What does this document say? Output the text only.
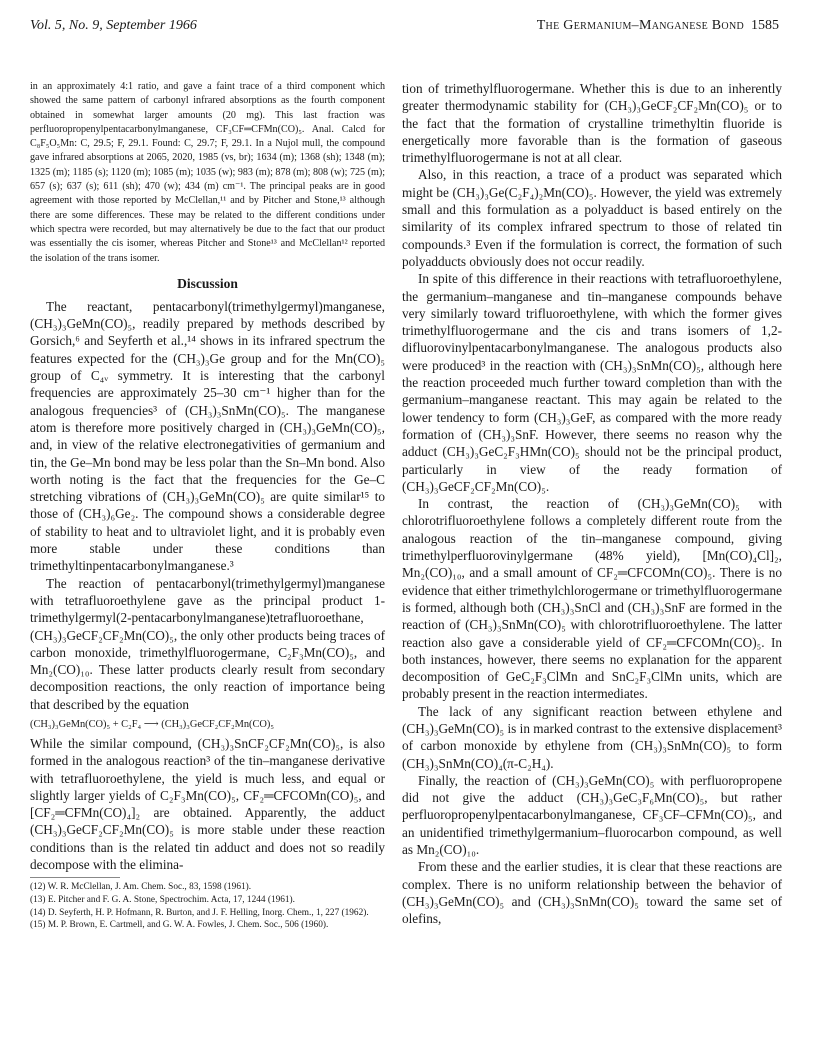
Vol. 5, No. 9, September 1966	The Germanium–Manganese Bond 1585

in an approximately 4:1 ratio, and gave a faint trace of a third component which showed the same pattern of carbonyl infrared absorptions as the fourth component obtained in somewhat larger amounts (20 mg). This last fraction was perfluoropropenylpentacarbonylmanganese, CF₃CF═CFMn(CO)₅. Anal. Calcd for C₈F₅O₅Mn: C, 29.5; F, 29.1. Found: C, 29.7; F, 29.1. In a Nujol mull, the compound gave infrared absorptions at 2065, 2020, 1985 (vs, br); 1634 (m); 1368 (sh); 1348 (m); 1325 (m); 1185 (s); 1120 (m); 1085 (m); 1035 (w); 983 (m); 878 (m); 808 (w); 725 (m); 657 (s); 637 (s); 611 (sh); 470 (w); 434 (m) cm⁻¹. The principal peaks are in good agreement with those reported by McClellan,¹¹ and by Pitcher and Stone,¹³ although there are some differences. These may be related to the different conditions under which spectra were recorded, but may alternatively be due to the fact that our product was essentially the cis isomer, whereas Pitcher and Stone¹³ and McClellan¹² reported the isolation of the trans isomer.

Discussion

The reactant, pentacarbonyl(trimethylgermyl)manganese, (CH₃)₃GeMn(CO)₅, readily prepared by methods described by Gorsich,⁶ and Seyferth et al.,¹⁴ shows in its infrared spectrum the features expected for the (CH₃)₃Ge group and for the Mn(CO)₅ group of C₄ᵥ symmetry. It is interesting that the carbonyl frequencies are approximately 25–30 cm⁻¹ higher than for the analogous frequencies³ of (CH₃)₃SnMn(CO)₅. The manganese atom is therefore more positively charged in (CH₃)₃GeMn(CO)₅, and, in view of the relative electronegativities of germanium and tin, the Ge–Mn bond may be less polar than the Sn–Mn bond. Also worth noting is the fact that the frequencies for the Ge–C stretching vibrations of (CH₃)₃GeMn(CO)₅ are quite similar¹⁵ to those of (CH₃)₆Ge₂. The compound shows a considerable degree of stability to heat and to ultraviolet light, and it is probably even more stable under these conditions than trimethyltinpentacarbonylmanganese.³

The reaction of pentacarbonyl(trimethylgermyl)manganese with tetrafluoroethylene gave as the principal product 1-trimethylgermyl(2-pentacarbonylmanganese)tetrafluoroethane, (CH₃)₃GeCF₂CF₂Mn(CO)₅, the only other products being traces of carbon monoxide, trimethylfluorogermane, C₂F₃Mn(CO)₅, and Mn₂(CO)₁₀. These latter products clearly result from secondary decomposition reactions, the only reaction of importance being that described by the equation

(CH₃)₃GeMn(CO)₅ + C₂F₄ ⟶ (CH₃)₃GeCF₂CF₂Mn(CO)₅

While the similar compound, (CH₃)₃SnCF₂CF₂Mn(CO)₅, is also formed in the analogous reaction³ of the tin–manganese derivative with tetrafluoroethylene, the yield is much less, and equal or slightly larger yields of C₂F₃Mn(CO)₅, CF₂═CFCOMn(CO)₅, and [CF₂═CFMn(CO)₄]₂ are obtained. Apparently, the adduct (CH₃)₃GeCF₂CF₂Mn(CO)₅ is more stable under these reaction conditions than is the related tin adduct and does not so readily decompose with the elimina-

(12) W. R. McClellan, J. Am. Chem. Soc., 83, 1598 (1961).
(13) E. Pitcher and F. G. A. Stone, Spectrochim. Acta, 17, 1244 (1961).
(14) D. Seyferth, H. P. Hofmann, R. Burton, and J. F. Helling, Inorg. Chem., 1, 227 (1962).
(15) M. P. Brown, E. Cartmell, and G. W. A. Fowles, J. Chem. Soc., 506 (1960).

tion of trimethylfluorogermane. Whether this is due to an inherently greater thermodynamic stability for (CH₃)₃GeCF₂CF₂Mn(CO)₅ or to the fact that the formation of crystalline trimethyltin fluoride is energetically more favorable than is the formation of gaseous trimethylfluorogermane is not at all clear.

Also, in this reaction, a trace of a product was separated which might be (CH₃)₃Ge(C₂F₄)₂Mn(CO)₅. However, the yield was extremely small and this formulation as a polyadduct is based entirely on the similarity of its complex infrared spectrum to those of related tin compounds.³ Even if the formulation is correct, the formation of such polyadducts obviously does not occur readily.

In spite of this difference in their reactions with tetrafluoroethylene, the germanium–manganese and tin–manganese compounds behave very similarly toward trifluoroethylene, with which the former gives trimethylfluorogermane and the cis and trans isomers of 1,2-difluorovinylpentacarbonylmanganese. The analogous products also were produced³ in the reaction with (CH₃)₃SnMn(CO)₅, although here the reaction proceeded much further toward completion than with the germanium–manganese reactant. This may again be related to the lower tendency to form (CH₃)₃GeF, as compared with the more ready formation of (CH₃)₃SnF. However, there seems no reason why the adduct (CH₃)₃GeC₂F₃HMn(CO)₅ should not be the principal product, particularly in view of the ready formation of (CH₃)₃GeCF₂CF₂Mn(CO)₅.

In contrast, the reaction of (CH₃)₃GeMn(CO)₅ with chlorotrifluoroethylene follows a completely different route from the analogous reaction of the tin–manganese compound, giving trimethylperfluorovinylgermane (48% yield), [Mn(CO)₄Cl]₂, Mn₂(CO)₁₀, and a small amount of CF₂═CFCOMn(CO)₅. There is no evidence that either trimethylchlorogermane or trimethylfluorogermane is formed, although both (CH₃)₃SnCl and (CH₃)₃SnF are formed in the reaction of (CH₃)₃SnMn(CO)₅ with chlorotrifluoroethylene. The latter reaction also gave a considerable yield of CF₂═CFCOMn(CO)₅. In both instances, however, there seems no explanation for the apparent decomposition of GeC₂F₃ClMn and SnC₂F₃ClMn units, which are probably present in the reaction intermediates.

The lack of any significant reaction between ethylene and (CH₃)₃GeMn(CO)₅ is in marked contrast to the extensive displacement³ of carbon monoxide by ethylene from (CH₃)₃SnMn(CO)₅ to form (CH₃)₃SnMn(CO)₄(π-C₂H₄).

Finally, the reaction of (CH₃)₃GeMn(CO)₅ with perfluoropropene did not give the adduct (CH₃)₃GeC₃F₆Mn(CO)₅, but rather perfluoropropenylpentacarbonylmanganese, CF₃CF–CFMn(CO)₅, and an unidentified trimethylgermanium–fluorocarbon compound, as well as Mn₂(CO)₁₀.

From these and the earlier studies, it is clear that these reactions are complex. There is no uniform relationship between the behavior of (CH₃)₃GeMn(CO)₅ and (CH₃)₃SnMn(CO)₅ toward the same set of olefins,
